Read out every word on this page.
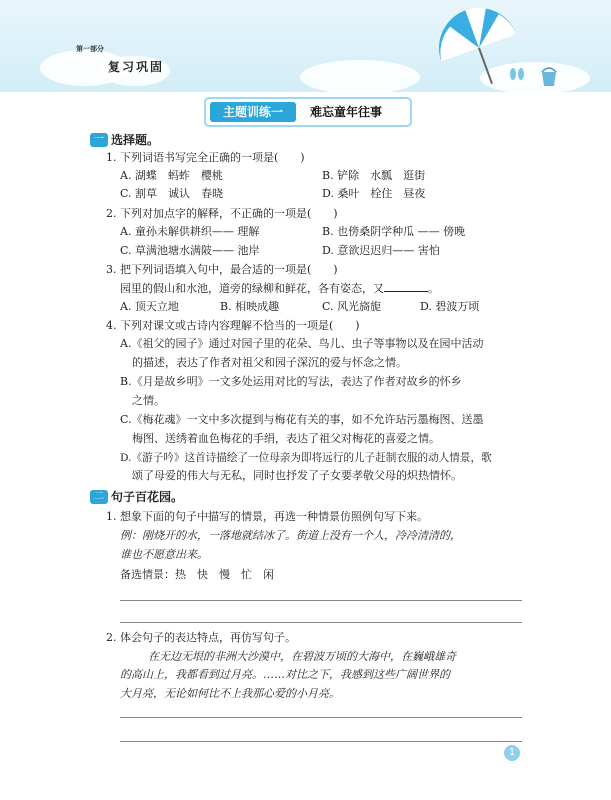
第一部分
复习巩固
主题训练一	难忘童年往事
一 选择题。
1. 下列词语书写完全正确的一项是(　　)
A. 湖蝶　蚂蚱　樱桃	B. 铲除　水瓢　逛街
C. 割草　诚认　春晓	D. 桑叶　栓住　昼夜
2. 下列对加点字的解释，不正确的一项是(　　)
A. 童孙未解供耕织—— 理解	B. 也傍桑阴学种瓜 —— 傍晚
C. 草满池塘水满陂—— 池岸	D. 意欲迟迟归—— 害怕
3. 把下列词语填入句中，最合适的一项是(　　)
园里的假山和水池，道旁的绿柳和鲜花，各有姿态，又	。
A. 顶天立地	B. 相映成趣	C. 风光旖旎	D. 碧波万顷
4. 下列对课文或古诗内容理解不恰当的一项是(　　)
A.《祖父的园子》通过对园子里的花朵、鸟儿、虫子等事物以及在园中活动
的描述，表达了作者对祖父和园子深沉的爱与怀念之情。
B.《月是故乡明》一文多处运用对比的写法，表达了作者对故乡的怀乡
之情。
C.《梅花魂》一文中多次提到与梅花有关的事，如不允许玷污墨梅图、送墨
梅图、送绣着血色梅花的手绢，表达了祖父对梅花的喜爱之情。
D.《游子吟》这首诗描绘了一位母亲为即将远行的儿子赶制衣服的动人情景，歌
颂了母爱的伟大与无私，同时也抒发了子女要孝敬父母的炽热情怀。
二 句子百花园。
1. 想象下面的句子中描写的情景，再选一种情景仿照例句写下来。
例：刚烧开的水，一落地就结冰了。街道上没有一个人，冷冷清清的，
谁也不愿意出来。
备选情景：热　快　慢　忙　闲
2. 体会句子的表达特点，再仿写句子。
在无边无垠的非洲大沙漠中，在碧波万顷的大海中，在巍峨雄奇
的高山上，我都看到过月亮。……对比之下，我感到这些广阔世界的
大月亮，无论如何比不上我那心爱的小月亮。
1
